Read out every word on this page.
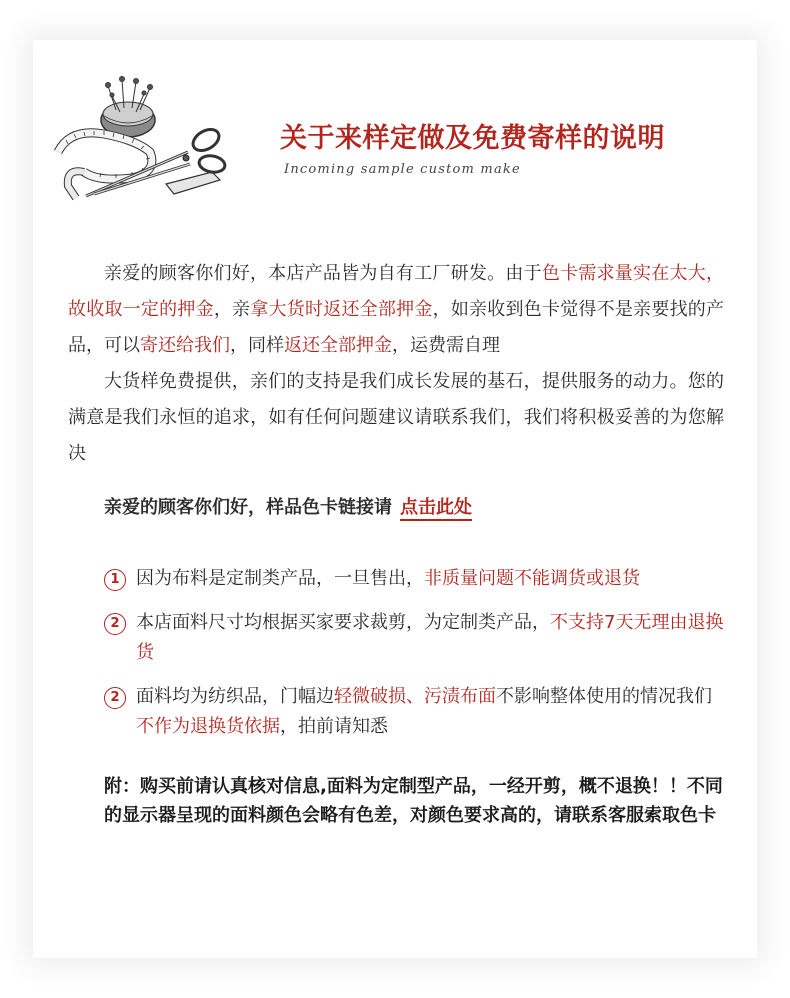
关于来样定做及免费寄样的说明
Incoming sample custom make
亲爱的顾客你们好，本店产品皆为自有工厂研发。由于色卡需求量实在太大，故收取一定的押金，亲拿大货时返还全部押金，如亲收到色卡觉得不是亲要找的产品，可以寄还给我们，同样返还全部押金，运费需自理
大货样免费提供，亲们的支持是我们成长发展的基石，提供服务的动力。您的满意是我们永恒的追求，如有任何问题建议请联系我们，我们将积极妥善的为您解决
亲爱的顾客你们好，样品色卡链接请 点击此处
1 因为布料是定制类产品，一旦售出，非质量问题不能调货或退货
2 本店面料尺寸均根据买家要求裁剪，为定制类产品，不支持7天无理由退换货
2 面料均为纺织品，门幅边轻微破损、污渍布面不影响整体使用的情况我们不作为退换货依据，拍前请知悉
附：购买前请认真核对信息,面料为定制型产品，一经开剪，概不退换！！不同的显示器呈现的面料颜色会略有色差，对颜色要求高的，请联系客服索取色卡
